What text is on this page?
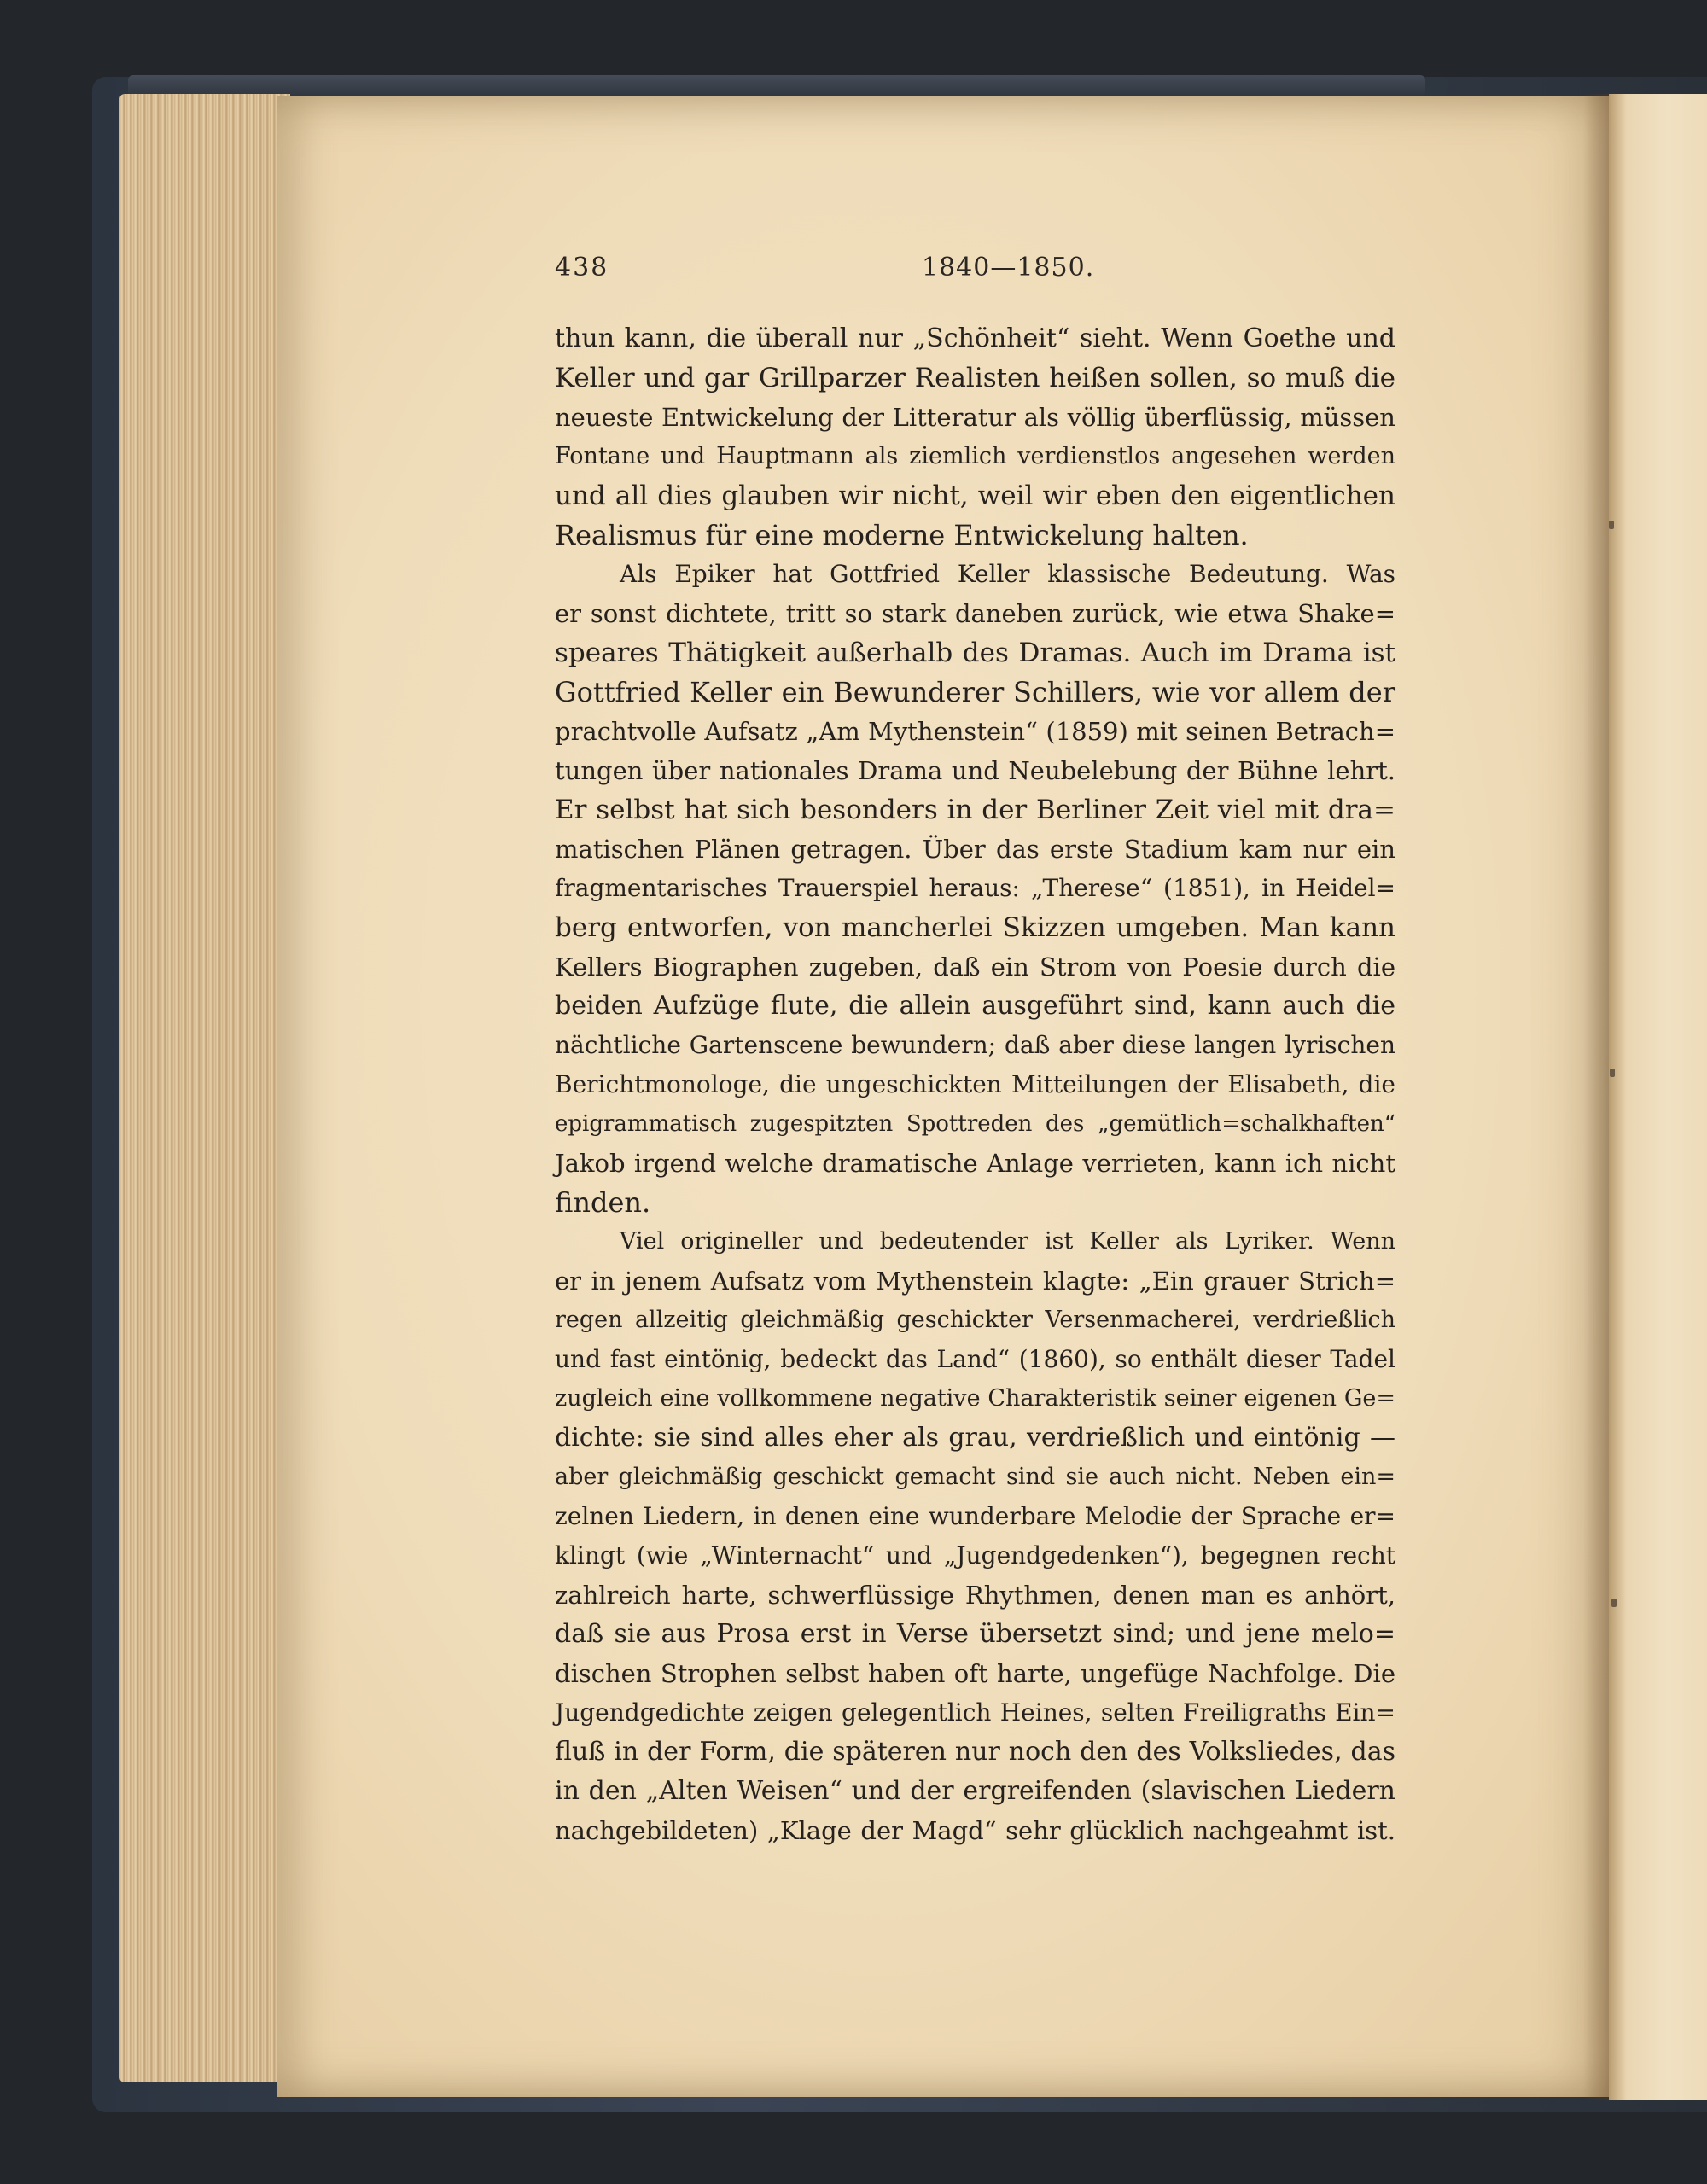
438	1840—1850.
thun kann, die überall nur „Schönheit“ sieht. Wenn Goethe und
Keller und gar Grillparzer Realisten heißen sollen, so muß die
neueste Entwickelung der Litteratur als völlig überflüssig, müssen
Fontane und Hauptmann als ziemlich verdienstlos angesehen werden
und all dies glauben wir nicht, weil wir eben den eigentlichen
Realismus für eine moderne Entwickelung halten.
Als Epiker hat Gottfried Keller klassische Bedeutung. Was
er sonst dichtete, tritt so stark daneben zurück, wie etwa Shake=
speares Thätigkeit außerhalb des Dramas. Auch im Drama ist
Gottfried Keller ein Bewunderer Schillers, wie vor allem der
prachtvolle Aufsatz „Am Mythenstein“ (1859) mit seinen Betrach=
tungen über nationales Drama und Neubelebung der Bühne lehrt.
Er selbst hat sich besonders in der Berliner Zeit viel mit dra=
matischen Plänen getragen. Über das erste Stadium kam nur ein
fragmentarisches Trauerspiel heraus: „Therese“ (1851), in Heidel=
berg entworfen, von mancherlei Skizzen umgeben. Man kann
Kellers Biographen zugeben, daß ein Strom von Poesie durch die
beiden Aufzüge flute, die allein ausgeführt sind, kann auch die
nächtliche Gartenscene bewundern; daß aber diese langen lyrischen
Berichtmonologe, die ungeschickten Mitteilungen der Elisabeth, die
epigrammatisch zugespitzten Spottreden des „gemütlich=schalkhaften“
Jakob irgend welche dramatische Anlage verrieten, kann ich nicht
finden.
Viel origineller und bedeutender ist Keller als Lyriker. Wenn
er in jenem Aufsatz vom Mythenstein klagte: „Ein grauer Strich=
regen allzeitig gleichmäßig geschickter Versenmacherei, verdrießlich
und fast eintönig, bedeckt das Land“ (1860), so enthält dieser Tadel
zugleich eine vollkommene negative Charakteristik seiner eigenen Ge=
dichte: sie sind alles eher als grau, verdrießlich und eintönig —
aber gleichmäßig geschickt gemacht sind sie auch nicht. Neben ein=
zelnen Liedern, in denen eine wunderbare Melodie der Sprache er=
klingt (wie „Winternacht“ und „Jugendgedenken“), begegnen recht
zahlreich harte, schwerflüssige Rhythmen, denen man es anhört,
daß sie aus Prosa erst in Verse übersetzt sind; und jene melo=
dischen Strophen selbst haben oft harte, ungefüge Nachfolge. Die
Jugendgedichte zeigen gelegentlich Heines, selten Freiligraths Ein=
fluß in der Form, die späteren nur noch den des Volksliedes, das
in den „Alten Weisen“ und der ergreifenden (slavischen Liedern
nachgebildeten) „Klage der Magd“ sehr glücklich nachgeahmt ist.
